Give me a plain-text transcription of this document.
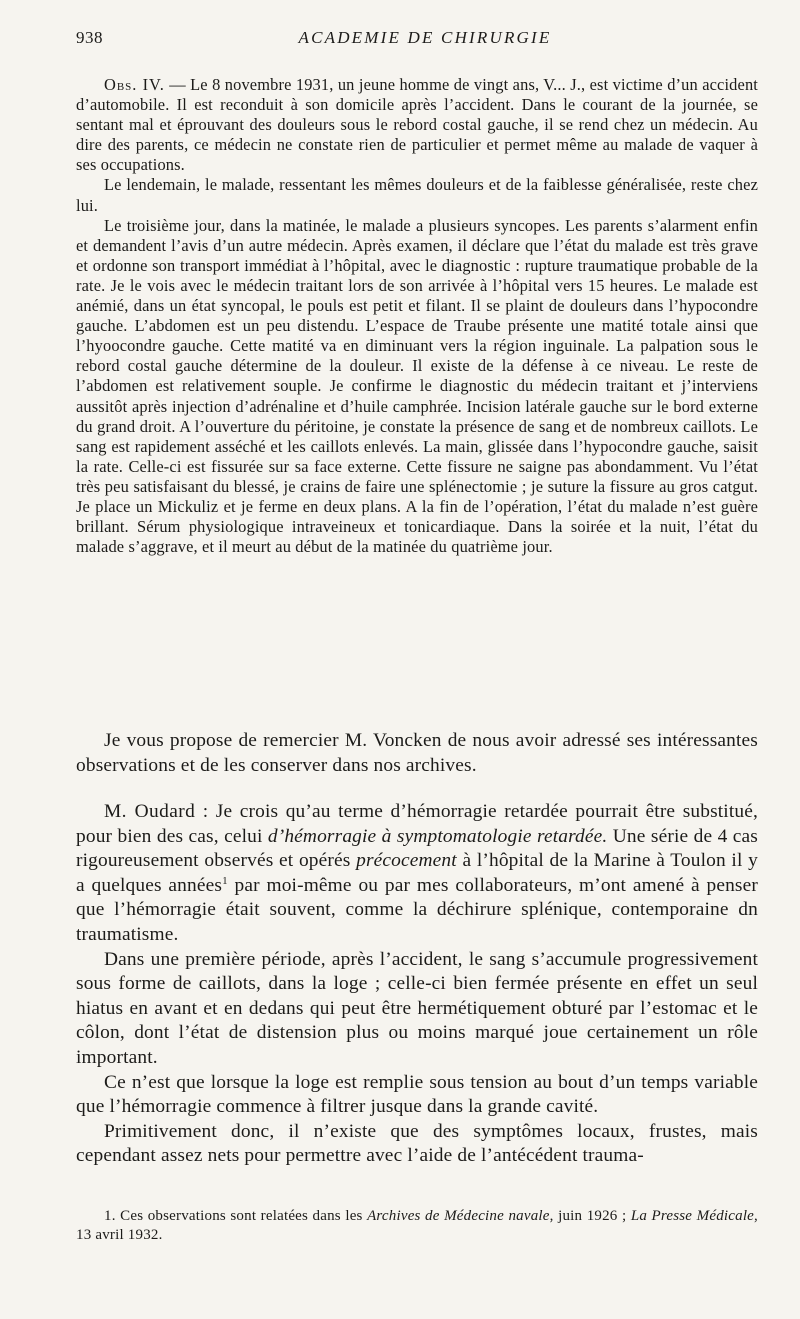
938	ACADEMIE DE CHIRURGIE

Obs. IV. — Le 8 novembre 1931, un jeune homme de vingt ans, V... J., est victime d’un accident d’automobile. Il est reconduit à son domicile après l’accident. Dans le courant de la journée, se sentant mal et éprouvant des douleurs sous le rebord costal gauche, il se rend chez un médecin. Au dire des parents, ce médecin ne constate rien de particulier et permet même au malade de vaquer à ses occupations.

Le lendemain, le malade, ressentant les mêmes douleurs et de la faiblesse généralisée, reste chez lui.

Le troisième jour, dans la matinée, le malade a plusieurs syncopes. Les parents s’alarment enfin et demandent l’avis d’un autre médecin. Après examen, il déclare que l’état du malade est très grave et ordonne son transport immédiat à l’hôpital, avec le diagnostic : rupture traumatique probable de la rate. Je le vois avec le médecin traitant lors de son arrivée à l’hôpital vers 15 heures. Le malade est anémié, dans un état syncopal, le pouls est petit et filant. Il se plaint de douleurs dans l’hypocondre gauche. L’abdomen est un peu distendu. L’espace de Traube présente une matité totale ainsi que l’hyoocondre gauche. Cette matité va en diminuant vers la région inguinale. La palpation sous le rebord costal gauche détermine de la douleur. Il existe de la défense à ce niveau. Le reste de l’abdomen est relativement souple. Je confirme le diagnostic du médecin traitant et j’interviens aussitôt après injection d’adrénaline et d’huile camphrée. Incision latérale gauche sur le bord externe du grand droit. A l’ouverture du péritoine, je constate la présence de sang et de nombreux caillots. Le sang est rapidement asséché et les caillots enlevés. La main, glissée dans l’hypocondre gauche, saisit la rate. Celle-ci est fissurée sur sa face externe. Cette fissure ne saigne pas abondamment. Vu l’état très peu satisfaisant du blessé, je crains de faire une splénectomie ; je suture la fissure au gros catgut. Je place un Mickuliz et je ferme en deux plans. A la fin de l’opération, l’état du malade n’est guère brillant. Sérum physiologique intraveineux et tonicardiaque. Dans la soirée et la nuit, l’état du malade s’aggrave, et il meurt au début de la matinée du quatrième jour.

Je vous propose de remercier M. Voncken de nous avoir adressé ses intéressantes observations et de les conserver dans nos archives.

M. Oudard : Je crois qu’au terme d’hémorragie retardée pourrait être substitué, pour bien des cas, celui d’hémorragie à symptomatologie retardée. Une série de 4 cas rigoureusement observés et opérés précocement à l’hôpital de la Marine à Toulon il y a quelques années$^1$ par moi-même ou par mes collaborateurs, m’ont amené à penser que l’hémorragie était souvent, comme la déchirure splénique, contemporaine dn traumatisme.

Dans une première période, après l’accident, le sang s’accumule progressivement sous forme de caillots, dans la loge ; celle-ci bien fermée présente en effet un seul hiatus en avant et en dedans qui peut être hermétiquement obturé par l’estomac et le côlon, dont l’état de distension plus ou moins marqué joue certainement un rôle important.

Ce n’est que lorsque la loge est remplie sous tension au bout d’un temps variable que l’hémorragie commence à filtrer jusque dans la grande cavité.

Primitivement donc, il n’existe que des symptômes locaux, frustes, mais cependant assez nets pour permettre avec l’aide de l’antécédent trauma-

1. Ces observations sont relatées dans les Archives de Médecine navale, juin 1926 ; La Presse Médicale, 13 avril 1932.
